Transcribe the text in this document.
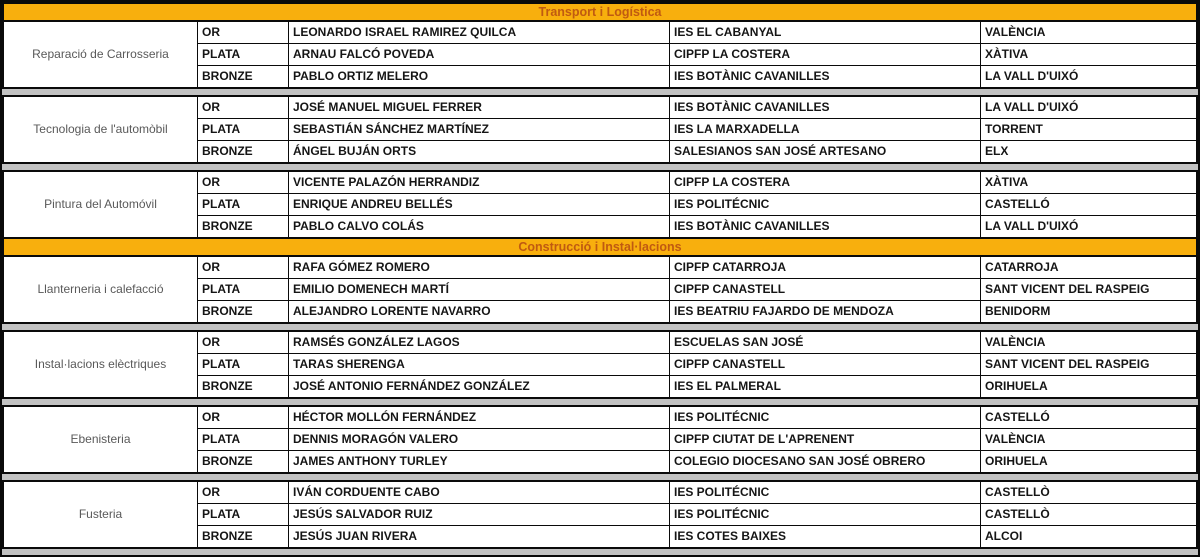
Transport i Logística
Reparació de Carrosseria
OR	LEONARDO ISRAEL RAMIREZ QUILCA	IES EL CABANYAL	VALÈNCIA
PLATA	ARNAU FALCÓ POVEDA	CIPFP LA COSTERA	XÀTIVA
BRONZE	PABLO ORTIZ MELERO	IES BOTÀNIC CAVANILLES	LA VALL D'UIXÓ
Tecnologia de l'automòbil
OR	JOSÉ MANUEL MIGUEL FERRER	IES BOTÀNIC CAVANILLES	LA VALL D'UIXÓ
PLATA	SEBASTIÁN SÁNCHEZ MARTÍNEZ	IES LA MARXADELLA	TORRENT
BRONZE	ÁNGEL BUJÁN ORTS	SALESIANOS SAN JOSÉ ARTESANO	ELX
Pintura del Automóvil
OR	VICENTE PALAZÓN HERRANDIZ	CIPFP LA COSTERA	XÀTIVA
PLATA	ENRIQUE ANDREU BELLÉS	IES POLITÉCNIC	CASTELLÓ
BRONZE	PABLO CALVO COLÁS	IES BOTÀNIC CAVANILLES	LA VALL D'UIXÓ
Construcció i Instal·lacions
Llanterneria i calefacció
OR	RAFA GÓMEZ ROMERO	CIPFP CATARROJA	CATARROJA
PLATA	EMILIO DOMENECH MARTÍ	CIPFP CANASTELL	SANT VICENT DEL RASPEIG
BRONZE	ALEJANDRO LORENTE NAVARRO	IES BEATRIU FAJARDO DE MENDOZA	BENIDORM
Instal·lacions elèctriques
OR	RAMSÉS GONZÁLEZ LAGOS	ESCUELAS SAN JOSÉ	VALÈNCIA
PLATA	TARAS SHERENGA	CIPFP CANASTELL	SANT VICENT DEL RASPEIG
BRONZE	JOSÉ ANTONIO FERNÁNDEZ GONZÁLEZ	IES EL PALMERAL	ORIHUELA
Ebenisteria
OR	HÉCTOR MOLLÓN FERNÁNDEZ	IES POLITÉCNIC	CASTELLÓ
PLATA	DENNIS MORAGÓN VALERO	CIPFP CIUTAT DE L'APRENENT	VALÈNCIA
BRONZE	JAMES ANTHONY TURLEY	COLEGIO DIOCESANO SAN JOSÉ OBRERO	ORIHUELA
Fusteria
OR	IVÁN CORDUENTE CABO	IES POLITÉCNIC	CASTELLÒ
PLATA	JESÚS SALVADOR RUIZ	IES POLITÉCNIC	CASTELLÒ
BRONZE	JESÚS JUAN RIVERA	IES COTES BAIXES	ALCOI
